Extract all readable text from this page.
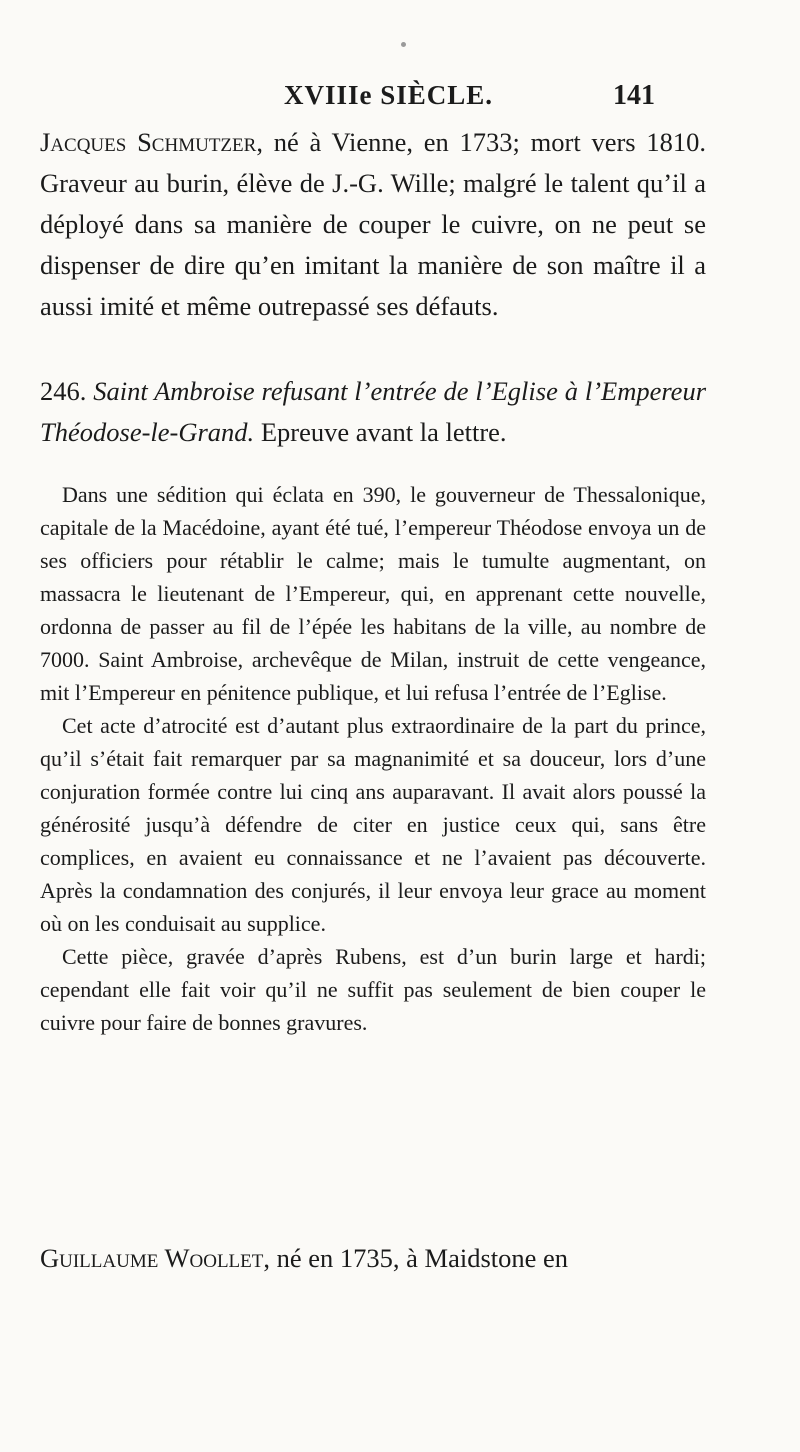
XVIIIe SIÈCLE.	141

Jacques Schmutzer, né à Vienne, en 1733; mort vers 1810. Graveur au burin, élève de J.-G. Wille; malgré le talent qu’il a déployé dans sa manière de couper le cuivre, on ne peut se dispenser de dire qu’en imitant la manière de son maître il a aussi imité et même outrepassé ses défauts.

246. Saint Ambroise refusant l’entrée de l’Eglise à l’Empereur Théodose-le-Grand. Epreuve avant la lettre.

Dans une sédition qui éclata en 390, le gouverneur de Thessalonique, capitale de la Macédoine, ayant été tué, l’empereur Théodose envoya un de ses officiers pour rétablir le calme; mais le tumulte augmentant, on massacra le lieutenant de l’Empereur, qui, en apprenant cette nouvelle, ordonna de passer au fil de l’épée les habitans de la ville, au nombre de 7000. Saint Ambroise, archevêque de Milan, instruit de cette vengeance, mit l’Empereur en pénitence publique, et lui refusa l’entrée de l’Eglise.

Cet acte d’atrocité est d’autant plus extraordinaire de la part du prince, qu’il s’était fait remarquer par sa magnanimité et sa douceur, lors d’une conjuration formée contre lui cinq ans auparavant. Il avait alors poussé la générosité jusqu’à défendre de citer en justice ceux qui, sans être complices, en avaient eu connaissance et ne l’avaient pas découverte. Après la condamnation des conjurés, il leur envoya leur grace au moment où on les conduisait au supplice.

Cette pièce, gravée d’après Rubens, est d’un burin large et hardi; cependant elle fait voir qu’il ne suffit pas seulement de bien couper le cuivre pour faire de bonnes gravures.

Guillaume Woollet, né en 1735, à Maidstone en
